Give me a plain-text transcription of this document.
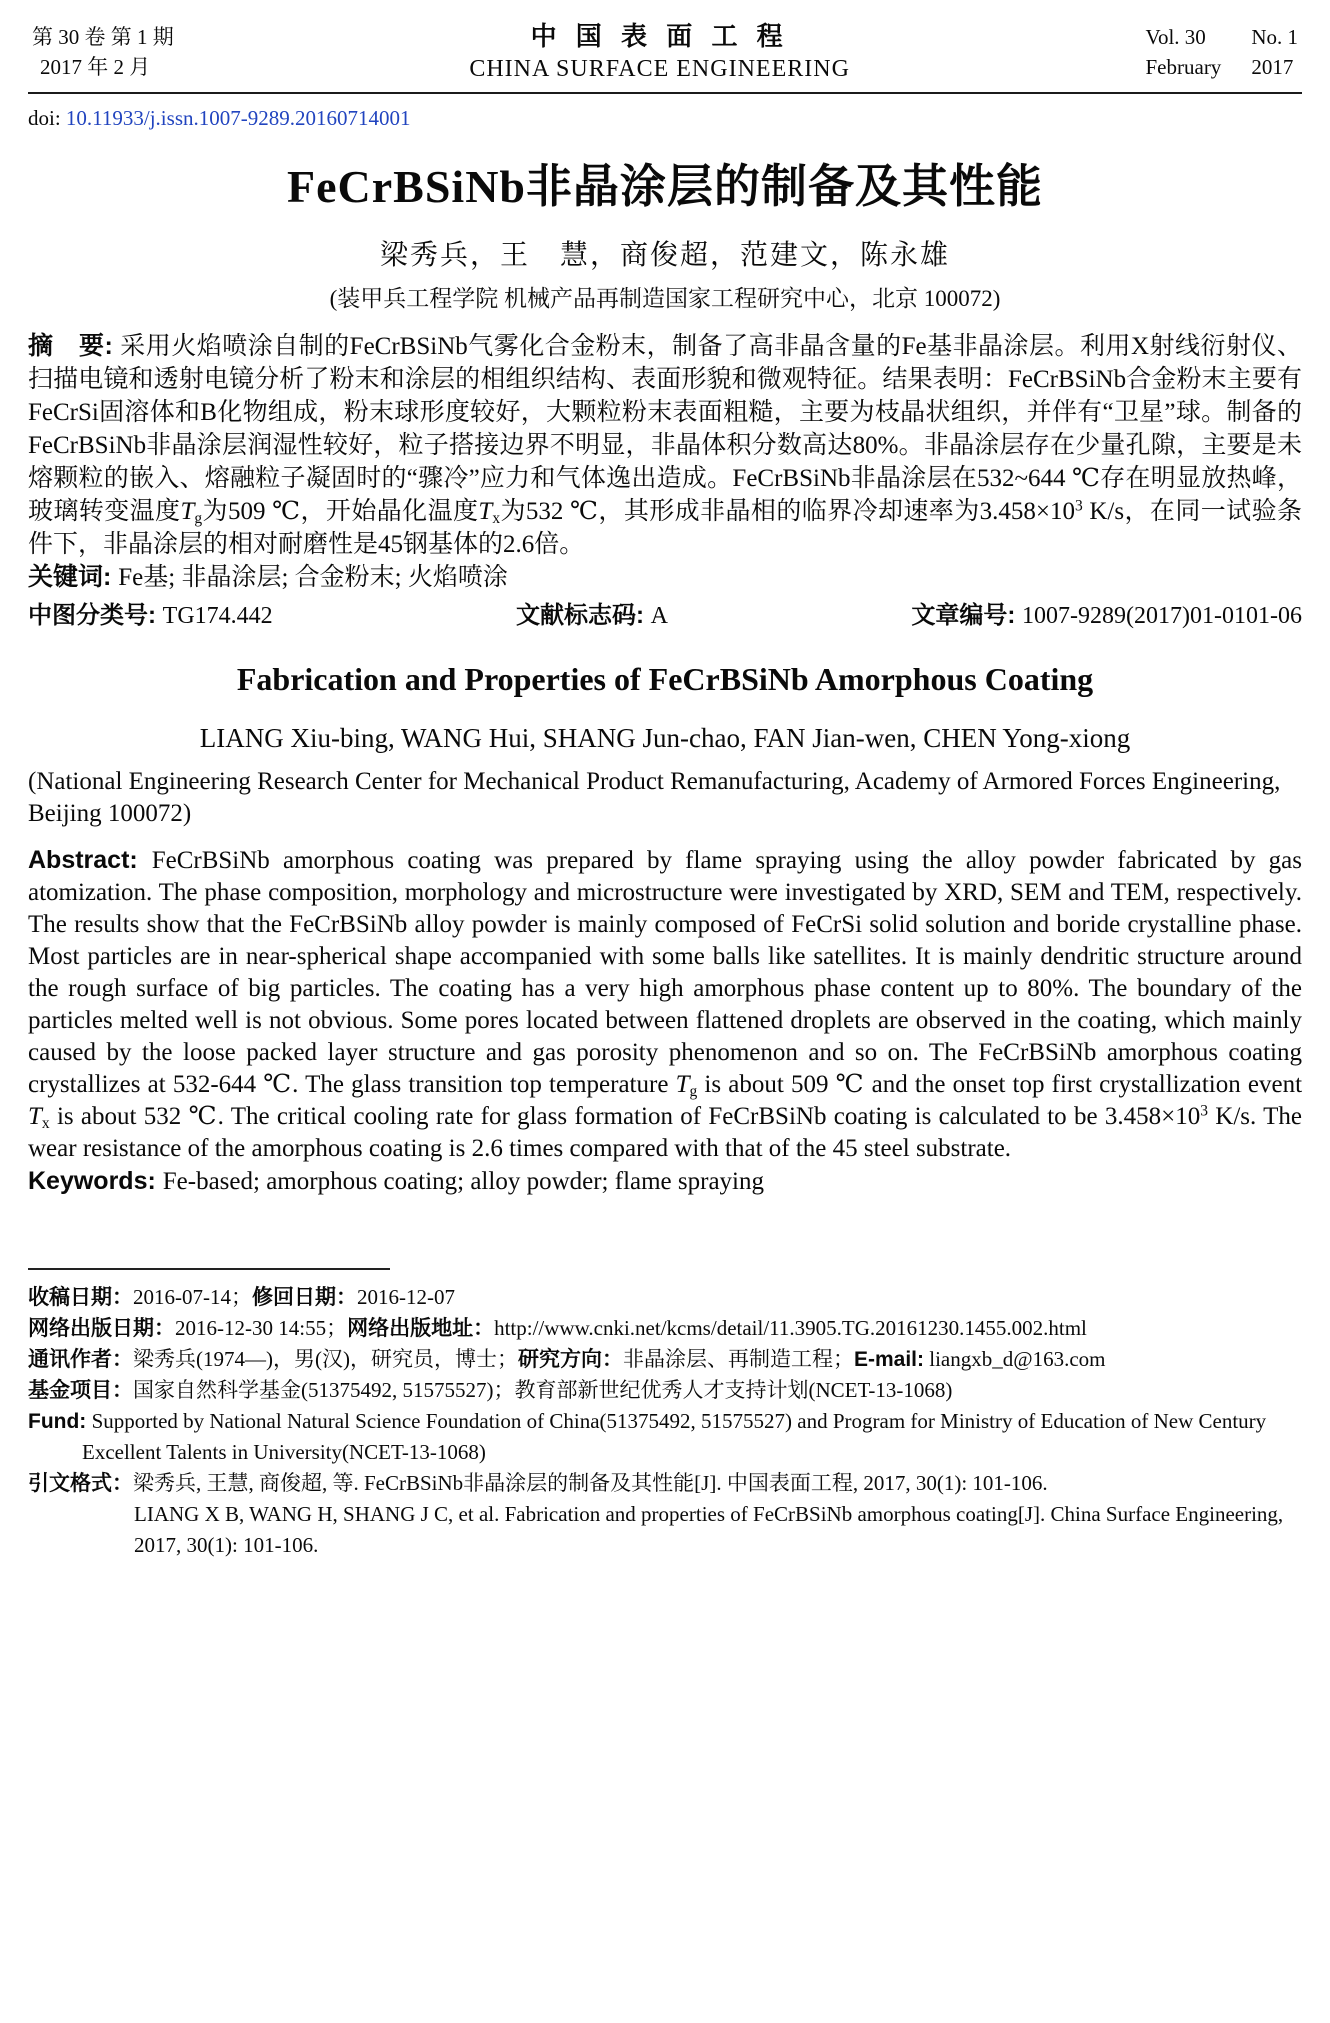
第 30 卷 第 1 期
2017 年 2 月
中 国 表 面 工 程
CHINA SURFACE ENGINEERING
Vol. 30	No. 1
February 2017

doi: 10.11933/j.issn.1007-9289.20160714001

FeCrBSiNb非晶涂层的制备及其性能

梁秀兵，王　慧，商俊超，范建文，陈永雄

(装甲兵工程学院 机械产品再制造国家工程研究中心，北京 100072)

摘　要: 采用火焰喷涂自制的FeCrBSiNb气雾化合金粉末，制备了高非晶含量的Fe基非晶涂层。利用X射线衍射仪、扫描电镜和透射电镜分析了粉末和涂层的相组织结构、表面形貌和微观特征。结果表明：FeCrBSiNb合金粉末主要有FeCrSi固溶体和B化物组成，粉末球形度较好，大颗粒粉末表面粗糙，主要为枝晶状组织，并伴有“卫星”球。制备的FeCrBSiNb非晶涂层润湿性较好，粒子搭接边界不明显，非晶体积分数高达80%。非晶涂层存在少量孔隙，主要是未熔颗粒的嵌入、熔融粒子凝固时的“骤冷”应力和气体逸出造成。FeCrBSiNb非晶涂层在532~644 ℃存在明显放热峰，玻璃转变温度$T_g$为509 ℃，开始晶化温度$T_x$为532 ℃，其形成非晶相的临界冷却速率为$3.458\times 10^3$ K/s，在同一试验条件下，非晶涂层的相对耐磨性是45钢基体的2.6倍。

关键词: Fe基; 非晶涂层; 合金粉末; 火焰喷涂

中图分类号: TG174.442	文献标志码: A	文章编号: 1007-9289(2017)01-0101-06
Fabrication and Properties of FeCrBSiNb Amorphous Coating

LIANG Xiu-bing, WANG Hui, SHANG Jun-chao, FAN Jian-wen, CHEN Yong-xiong

(National Engineering Research Center for Mechanical Product Remanufacturing, Academy of Armored Forces Engineering, Beijing 100072)

Abstract: FeCrBSiNb amorphous coating was prepared by flame spraying using the alloy powder fabricated by gas atomization. The phase composition, morphology and microstructure were investigated by XRD, SEM and TEM, respectively. The results show that the FeCrBSiNb alloy powder is mainly composed of FeCrSi solid solution and boride crystalline phase. Most particles are in near-spherical shape accompanied with some balls like satellites. It is mainly dendritic structure around the rough surface of big particles. The coating has a very high amorphous phase content up to 80%. The boundary of the particles melted well is not obvious. Some pores located between flattened droplets are observed in the coating, which mainly caused by the loose packed layer structure and gas porosity phenomenon and so on. The FeCrBSiNb amorphous coating crystallizes at 532-644 ℃. The glass transition top temperature $T_g$ is about 509 ℃ and the onset top first crystallization event $T_x$ is about 532 ℃. The critical cooling rate for glass formation of FeCrBSiNb coating is calculated to be $3.458\times 10^3$ K/s. The wear resistance of the amorphous coating is 2.6 times compared with that of the 45 steel substrate.

Keywords: Fe-based; amorphous coating; alloy powder; flame spraying

收稿日期：2016-07-14；修回日期：2016-12-07

网络出版日期：2016-12-30 14:55；网络出版地址：http://www.cnki.net/kcms/detail/11.3905.TG.20161230.1455.002.html

通讯作者：梁秀兵(1974—)，男(汉)，研究员，博士；研究方向：非晶涂层、再制造工程；E-mail: liangxb_d@163.com

基金项目：国家自然科学基金(51375492, 51575527)；教育部新世纪优秀人才支持计划(NCET-13-1068)

Fund: Supported by National Natural Science Foundation of China(51375492, 51575527) and Program for Ministry of Education of New Century Excellent Talents in University(NCET-13-1068)

引文格式：梁秀兵, 王慧, 商俊超, 等. FeCrBSiNb非晶涂层的制备及其性能[J]. 中国表面工程, 2017, 30(1): 101-106.
LIANG X B, WANG H, SHANG J C, et al. Fabrication and properties of FeCrBSiNb amorphous coating[J]. China Surface Engineering, 2017, 30(1): 101-106.
